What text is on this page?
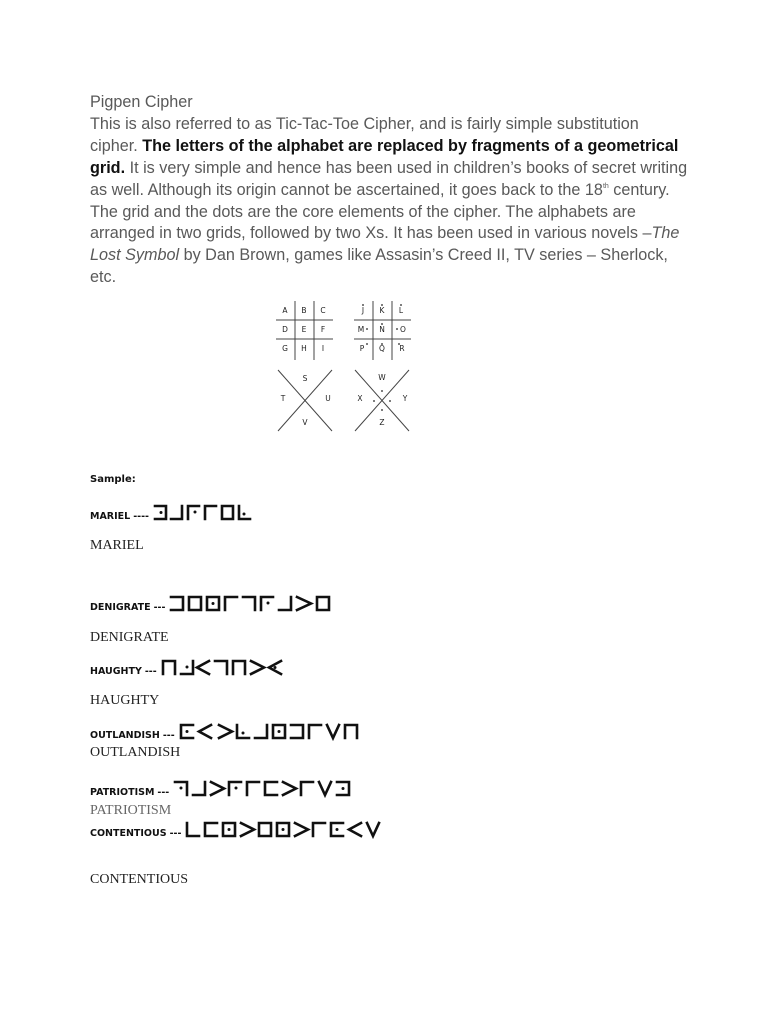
Pigpen Cipher
This is also referred to as Tic-Tac-Toe Cipher, and is fairly simple substitution cipher. The letters of the alphabet are replaced by fragments of a geometrical grid. It is very simple and hence has been used in children’s books of secret writing as well. Although its origin cannot be ascertained, it goes back to the 18th century. The grid and the dots are the core elements of the cipher. The alphabets are arranged in two grids, followed by two Xs. It has been used in various novels –The Lost Symbol by Dan Brown, games like Assasin’s Creed II, TV series – Sherlock, etc.
A B C
D E F
G H I
J K L
M N O
P Q R
S
T	U
V
W
X	Y
Z
Sample:
MARIEL ----
MARIEL
DENIGRATE ---
DENIGRATE
HAUGHTY ---
HAUGHTY
OUTLANDISH ---
OUTLANDISH
PATRIOTISM ---
PATRIOTISM
CONTENTIOUS ---
CONTENTIOUS
